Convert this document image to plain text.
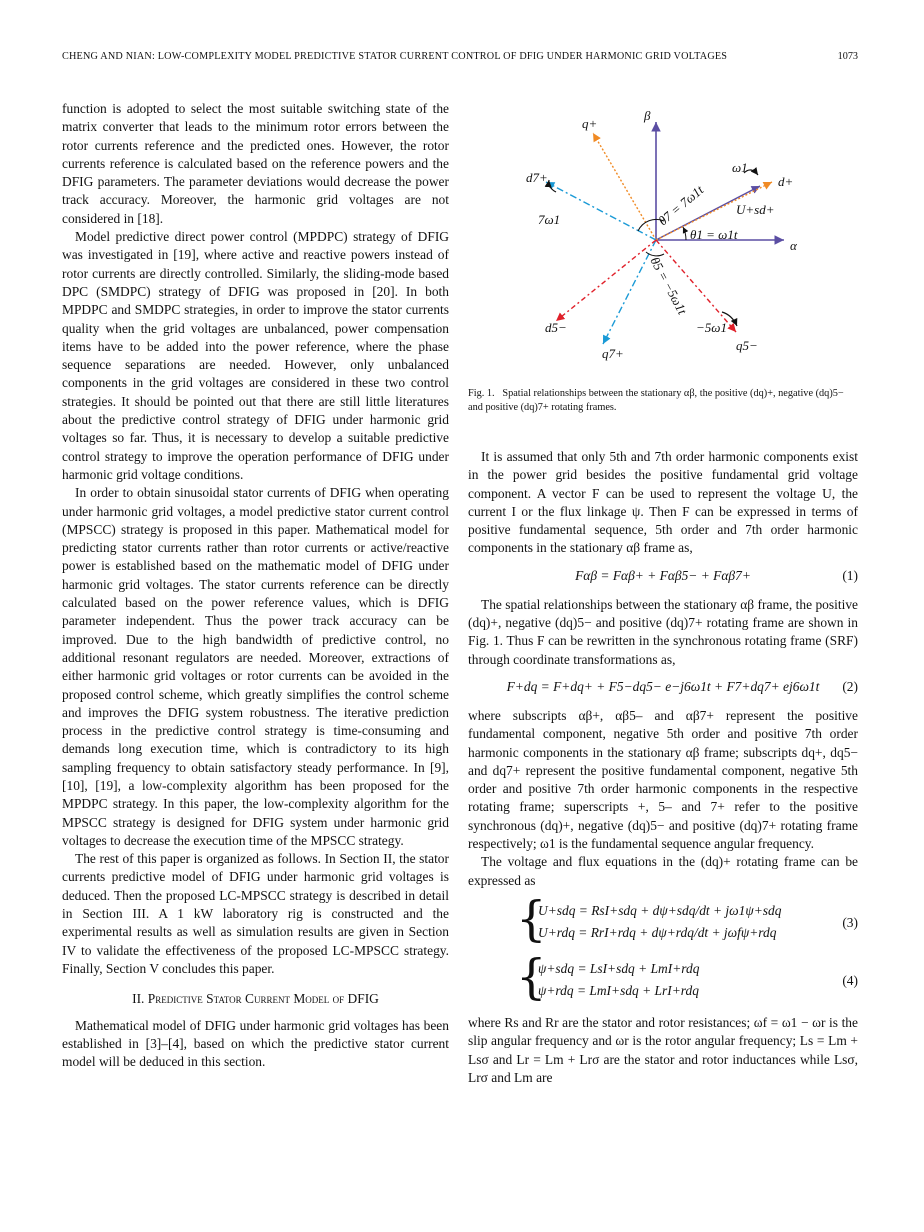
CHENG AND NIAN: LOW-COMPLEXITY MODEL PREDICTIVE STATOR CURRENT CONTROL OF DFIG UNDER HARMONIC GRID VOLTAGES	1073

function is adopted to select the most suitable switching state of the matrix converter that leads to the minimum rotor errors between the rotor currents reference and the predicted ones. However, the rotor currents reference is calculated based on the reference powers and the DFIG parameters. The parameter deviations would decrease the power track accuracy. Moreover, the harmonic grid voltages are not considered in [18].

Model predictive direct power control (MPDPC) strategy of DFIG was investigated in [19], where active and reactive powers instead of rotor currents are directly controlled. Similarly, the sliding-mode based DPC (SMDPC) strategy of DFIG was proposed in [20]. In both MPDPC and SMDPC strategies, in order to improve the stator currents quality when the grid voltages are unbalanced, power compensation items have to be added into the power reference, where the phase sequence separations are needed. However, only unbalanced components in the grid voltages are considered in these two control strategies. It should be pointed out that there are still little literatures about the predictive control strategy of DFIG under harmonic grid voltages so far. Thus, it is necessary to develop a suitable predictive control strategy to improve the operation performance of DFIG under harmonic grid voltage conditions.

In order to obtain sinusoidal stator currents of DFIG when operating under harmonic grid voltages, a model predictive stator current control (MPSCC) strategy is proposed in this paper. Mathematical model for predicting stator currents rather than rotor currents or active/reactive power is established based on the mathematic model of DFIG under harmonic grid voltages. The stator currents reference can be directly calculated based on the power reference values, which is DFIG parameter independent. Thus the power track accuracy can be improved. Due to the high bandwidth of predictive control, no additional resonant regulators are needed. Moreover, extractions of either harmonic grid voltages or rotor currents can be avoided in the proposed control scheme, which greatly simplifies the control scheme and improves the DFIG system robustness. The iterative prediction process in the predictive control strategy is time-consuming and demands long execution time, which is contradictory to its high sampling frequency to obtain satisfactory steady performance. In [9], [10], [19], a low-complexity algorithm has been proposed for the MPDPC strategy. In this paper, the low-complexity algorithm for the MPSCC strategy is designed for DFIG system under harmonic grid voltages to decrease the execution time of the MPSCC strategy.

The rest of this paper is organized as follows. In Section II, the stator currents predictive model of DFIG under harmonic grid voltages is deduced. Then the proposed LC-MPSCC strategy is described in detail in Section III. A 1 kW laboratory rig is constructed and the experimental results as well as simulation results are given in Section IV to validate the effectiveness of the proposed LC-MPSCC strategy. Finally, Section V concludes this paper.

II. Predictive Stator Current Model of DFIG

Mathematical model of DFIG under harmonic grid voltages has been established in [3]–[4], based on which the predictive stator current model will be deduced in this section.

β
α
q+
d+
d7+
q7+
d5−
q5−
ω1
7ω1
−5ω1
θ1 = ω1t
U+sd+
θ7 = 7ω1t
θ5 = −5ω1t
Fig. 1. Spatial relationships between the stationary αβ, the positive (dq)+, negative (dq)5− and positive (dq)7+ rotating frames.

It is assumed that only 5th and 7th order harmonic components exist in the power grid besides the positive fundamental grid voltage component. A vector F can be used to represent the voltage U, the current I or the flux linkage ψ. Then F can be expressed in terms of positive fundamental sequence, 5th order and 7th order harmonic components in the stationary αβ frame as,

Fαβ = Fαβ+ + Fαβ5− + Fαβ7+	(1)

The spatial relationships between the stationary αβ frame, the positive (dq)+, negative (dq)5− and positive (dq)7+ rotating frame are shown in Fig. 1. Thus F can be rewritten in the synchronous rotating frame (SRF) through coordinate transformations as,

F+dq = F+dq+ + F5−dq5− e−j6ω1t + F7+dq7+ ej6ω1t	(2)

where subscripts αβ+, αβ5– and αβ7+ represent the positive fundamental component, negative 5th order and positive 7th order harmonic components in the stationary αβ frame; subscripts dq+, dq5− and dq7+ represent the positive fundamental component, negative 5th order and positive 7th order harmonic components in the respective rotating frame; superscripts +, 5– and 7+ refer to the positive synchronous (dq)+, negative (dq)5− and positive (dq)7+ rotating frame respectively; ω1 is the fundamental sequence angular frequency.

The voltage and flux equations in the (dq)+ rotating frame can be expressed as

{
U+sdq = RsI+sdq + dψ+sdq/dt + jω1ψ+sdq
U+rdq = RrI+rdq + dψ+rdq/dt + jωfψ+rdq
(3)
{
ψ+sdq = LsI+sdq + LmI+rdq
ψ+rdq = LmI+sdq + LrI+rdq
(4)

where Rs and Rr are the stator and rotor resistances; ωf = ω1 − ωr is the slip angular frequency and ωr is the rotor angular frequency; Ls = Lm + Lsσ and Lr = Lm + Lrσ are the stator and rotor inductances while Lsσ, Lrσ and Lm are
